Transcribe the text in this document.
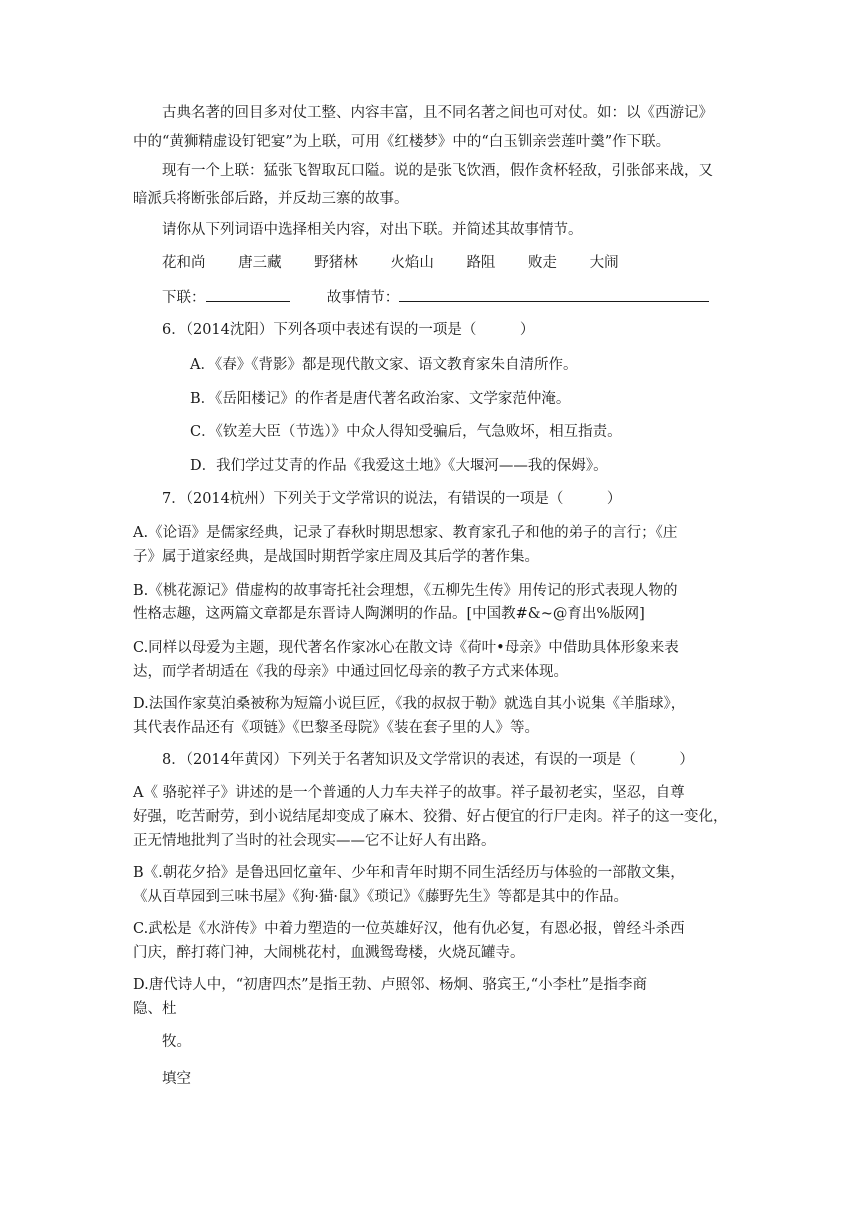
古典名著的回目多对仗工整、内容丰富，且不同名著之间也可对仗。如：以《西游记》
中的“黄狮精虚设钉钯宴”为上联，可用《红楼梦》中的“白玉钏亲尝莲叶羹”作下联。
现有一个上联：猛张飞智取瓦口隘。说的是张飞饮酒，假作贪杯轻敌，引张郃来战，又
暗派兵将断张郃后路，并反劫三寨的故事。
请你从下列词语中选择相关内容，对出下联。并简述其故事情节。
花和尚 唐三藏 野猪林 火焰山 路阻 败走 大闹
下联：	故事情节：
6．（2014沈阳）下列各项中表述有误的一项是（　　　）
A．《春》《背影》都是现代散文家、语文教育家朱自清所作。
B．《岳阳楼记》的作者是唐代著名政治家、文学家范仲淹。
C．《钦差大臣（节选）》中众人得知受骗后，气急败坏，相互指责。
D．我们学过艾青的作品《我爱这土地》《大堰河——我的保姆》。
7．（2014杭州）下列关于文学常识的说法，有错误的一项是（　　　）
A.《论语》是儒家经典，记录了春秋时期思想家、教育家孔子和他的弟子的言行；《庄
子》属于道家经典，是战国时期哲学家庄周及其后学的著作集。
B.《桃花源记》借虚构的故事寄托社会理想，《五柳先生传》用传记的形式表现人物的
性格志趣，这两篇文章都是东晋诗人陶渊明的作品。[中国教#&~@育出%版网]
C.同样以母爱为主题，现代著名作家冰心在散文诗《荷叶•母亲》中借助具体形象来表
达，而学者胡适在《我的母亲》中通过回忆母亲的教子方式来体现。
D.法国作家莫泊桑被称为短篇小说巨匠，《我的叔叔于勒》就选自其小说集《羊脂球》，
其代表作品还有《项链》《巴黎圣母院》《装在套子里的人》等。
8．（2014年黄冈）下列关于名著知识及文学常识的表述，有误的一项是（　　　）
A《 骆驼祥子》讲述的是一个普通的人力车夫祥子的故事。祥子最初老实，坚忍，自尊
好强，吃苦耐劳，到小说结尾却变成了麻木、狡猾、好占便宜的行尸走肉。祥子的这一变化，
正无情地批判了当时的社会现实——它不让好人有出路。
B《.朝花夕拾》是鲁迅回忆童年、少年和青年时期不同生活经历与体验的一部散文集，
《从百草园到三味书屋》《狗·猫·鼠》《琐记》《藤野先生》等都是其中的作品。
C.武松是《水浒传》中着力塑造的一位英雄好汉，他有仇必复，有恩必报，曾经斗杀西
门庆，醉打蒋门神，大闹桃花村，血溅鸳鸯楼，火烧瓦罐寺。
D.唐代诗人中，“初唐四杰”是指王勃、卢照邻、杨炯、骆宾王,“小李杜”是指李商
隐、杜
牧。
填空
